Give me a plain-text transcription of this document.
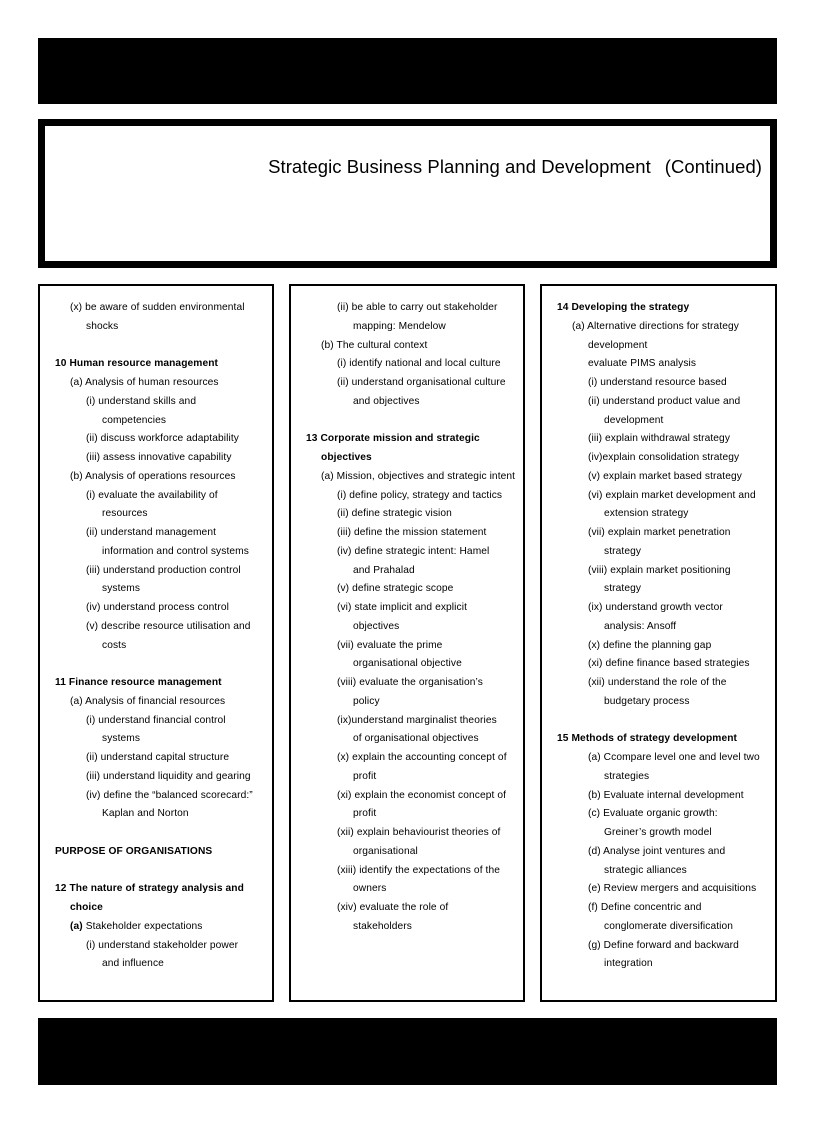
Strategic Business Planning and Development (Continued)
(x) be aware of sudden environmental
shocks
10 Human resource management
(a) Analysis of human resources
(i) understand skills and
competencies
(ii) discuss workforce adaptability
(iii) assess innovative capability
(b) Analysis of operations resources
(i) evaluate the availability of
resources
(ii) understand management
information and control systems
(iii) understand production control
systems
(iv) understand process control
(v) describe resource utilisation and
costs
11 Finance resource management
(a) Analysis of financial resources
(i) understand financial control
systems
(ii) understand capital structure
(iii) understand liquidity and gearing
(iv) define the “balanced scorecard:”
Kaplan and Norton
PURPOSE OF ORGANISATIONS
12 The nature of strategy analysis and
choice
(a) Stakeholder expectations
(i) understand stakeholder power
and influence
(ii) be able to carry out stakeholder
mapping: Mendelow
(b) The cultural context
(i) identify national and local culture
(ii) understand organisational culture
and objectives
13 Corporate mission and strategic
objectives
(a) Mission, objectives and strategic intent
(i) define policy, strategy and tactics
(ii) define strategic vision
(iii) define the mission statement
(iv) define strategic intent: Hamel
and Prahalad
(v) define strategic scope
(vi) state implicit and explicit
objectives
(vii) evaluate the prime
organisational objective
(viii) evaluate the organisation’s
policy
(ix)understand marginalist theories
of organisational objectives
(x) explain the accounting concept of
profit
(xi) explain the economist concept of
profit
(xii) explain behaviourist theories of
organisational
(xiii) identify the expectations of the
owners
(xiv) evaluate the role of
stakeholders
14 Developing the strategy
(a) Alternative directions for strategy
development
evaluate PIMS analysis
(i) understand resource based
(ii) understand product value and
development
(iii) explain withdrawal strategy
(iv)explain consolidation strategy
(v) explain market based strategy
(vi) explain market development and
extension strategy
(vii) explain market penetration
strategy
(viii) explain market positioning
strategy
(ix) understand growth vector
analysis: Ansoff
(x) define the planning gap
(xi) define finance based strategies
(xii) understand the role of the
budgetary process
15 Methods of strategy development
(a) Ccompare level one and level two
strategies
(b) Evaluate internal development
(c) Evaluate organic growth:
Greiner’s growth model
(d) Analyse joint ventures and
strategic alliances
(e) Review mergers and acquisitions
(f) Define concentric and
conglomerate diversification
(g) Define forward and backward
integration
